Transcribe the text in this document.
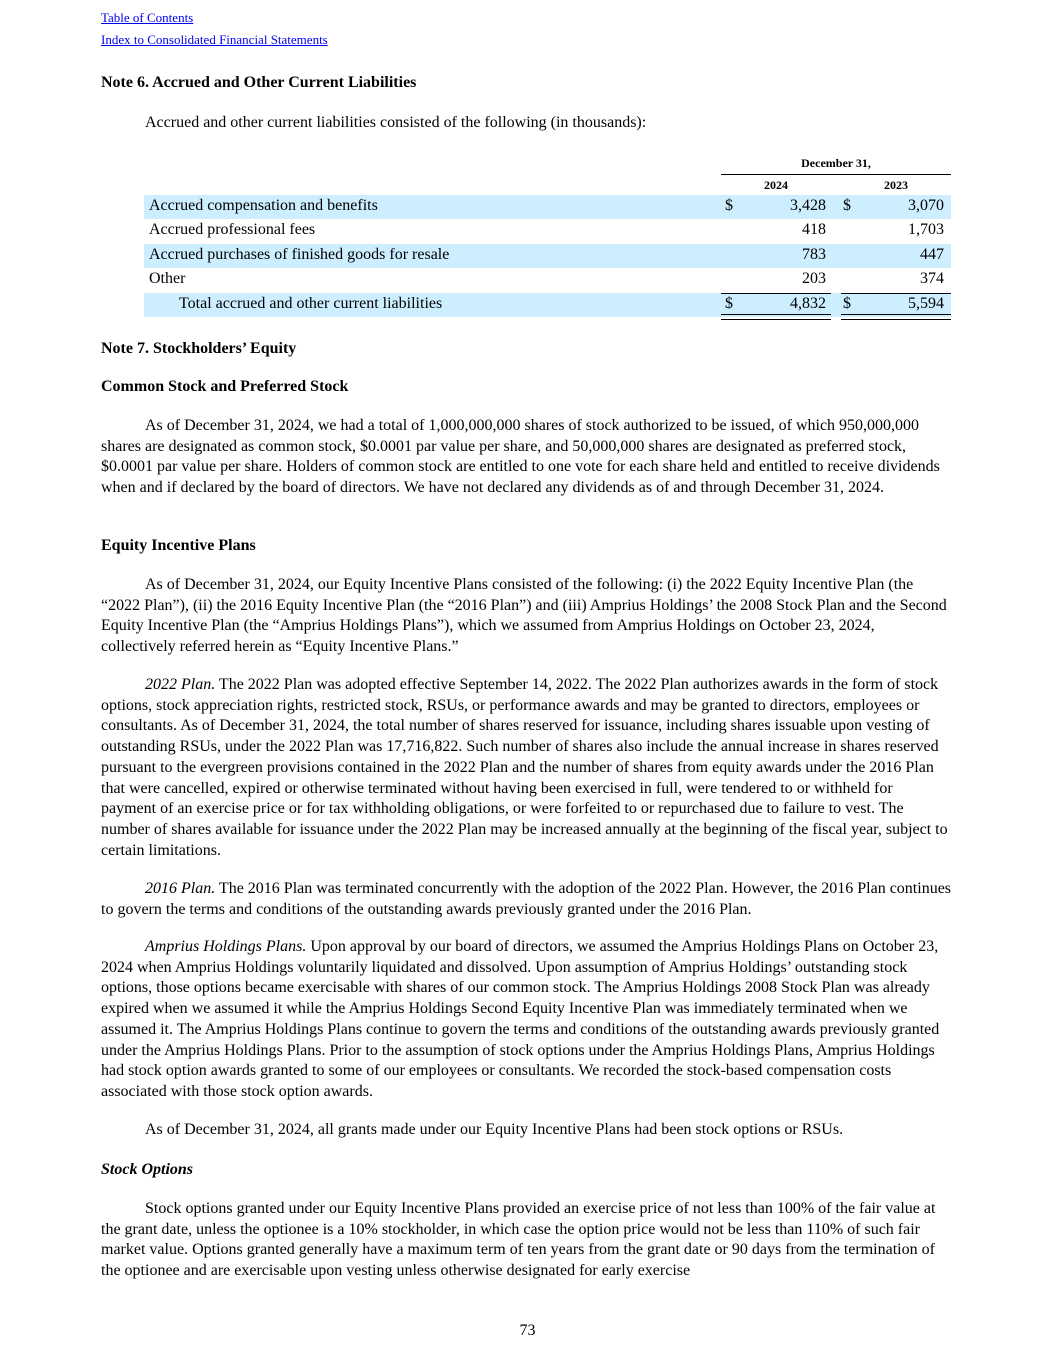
Table of Contents
Index to Consolidated Financial Statements
Note 6. Accrued and Other Current Liabilities
Accrued and other current liabilities consisted of the following (in thousands):
December 31,
2024	2023
Accrued compensation and benefits	$	3,428 $	3,070
Accrued professional fees	418	1,703
Accrued purchases of finished goods for resale	783	447
Other	203	374
Total accrued and other current liabilities	$	4,832 $	5,594
Note 7. Stockholders’ Equity
Common Stock and Preferred Stock

As of December 31, 2024, we had a total of 1,000,000,000 shares of stock authorized to be issued, of which 950,000,000 shares are designated as common stock, $0.0001 par value per share, and 50,000,000 shares are designated as preferred stock, $0.0001 par value per share. Holders of common stock are entitled to one vote for each share held and entitled to receive dividends when and if declared by the board of directors. We have not declared any dividends as of and through December 31, 2024.

Equity Incentive Plans

As of December 31, 2024, our Equity Incentive Plans consisted of the following: (i) the 2022 Equity Incentive Plan (the “2022 Plan”), (ii) the 2016 Equity Incentive Plan (the “2016 Plan”) and (iii) Amprius Holdings’ the 2008 Stock Plan and the Second Equity Incentive Plan (the “Amprius Holdings Plans”), which we assumed from Amprius Holdings on October 23, 2024, collectively referred herein as “Equity Incentive Plans.”

2022 Plan. The 2022 Plan was adopted effective September 14, 2022. The 2022 Plan authorizes awards in the form of stock options, stock appreciation rights, restricted stock, RSUs, or performance awards and may be granted to directors, employees or consultants. As of December 31, 2024, the total number of shares reserved for issuance, including shares issuable upon vesting of outstanding RSUs, under the 2022 Plan was 17,716,822. Such number of shares also include the annual increase in shares reserved pursuant to the evergreen provisions contained in the 2022 Plan and the number of shares from equity awards under the 2016 Plan that were cancelled, expired or otherwise terminated without having been exercised in full, were tendered to or withheld for payment of an exercise price or for tax withholding obligations, or were forfeited to or repurchased due to failure to vest. The number of shares available for issuance under the 2022 Plan may be increased annually at the beginning of the fiscal year, subject to certain limitations.

2016 Plan. The 2016 Plan was terminated concurrently with the adoption of the 2022 Plan. However, the 2016 Plan continues to govern the terms and conditions of the outstanding awards previously granted under the 2016 Plan.

Amprius Holdings Plans. Upon approval by our board of directors, we assumed the Amprius Holdings Plans on October 23, 2024 when Amprius Holdings voluntarily liquidated and dissolved. Upon assumption of Amprius Holdings’ outstanding stock options, those options became exercisable with shares of our common stock. The Amprius Holdings 2008 Stock Plan was already expired when we assumed it while the Amprius Holdings Second Equity Incentive Plan was immediately terminated when we assumed it. The Amprius Holdings Plans continue to govern the terms and conditions of the outstanding awards previously granted under the Amprius Holdings Plans. Prior to the assumption of stock options under the Amprius Holdings Plans, Amprius Holdings had stock option awards granted to some of our employees or consultants. We recorded the stock-based compensation costs associated with those stock option awards.

As of December 31, 2024, all grants made under our Equity Incentive Plans had been stock options or RSUs.

Stock Options

Stock options granted under our Equity Incentive Plans provided an exercise price of not less than 100% of the fair value at the grant date, unless the optionee is a 10% stockholder, in which case the option price would not be less than 110% of such fair market value. Options granted generally have a maximum term of ten years from the grant date or 90 days from the termination of the optionee and are exercisable upon vesting unless otherwise designated for early exercise

73
